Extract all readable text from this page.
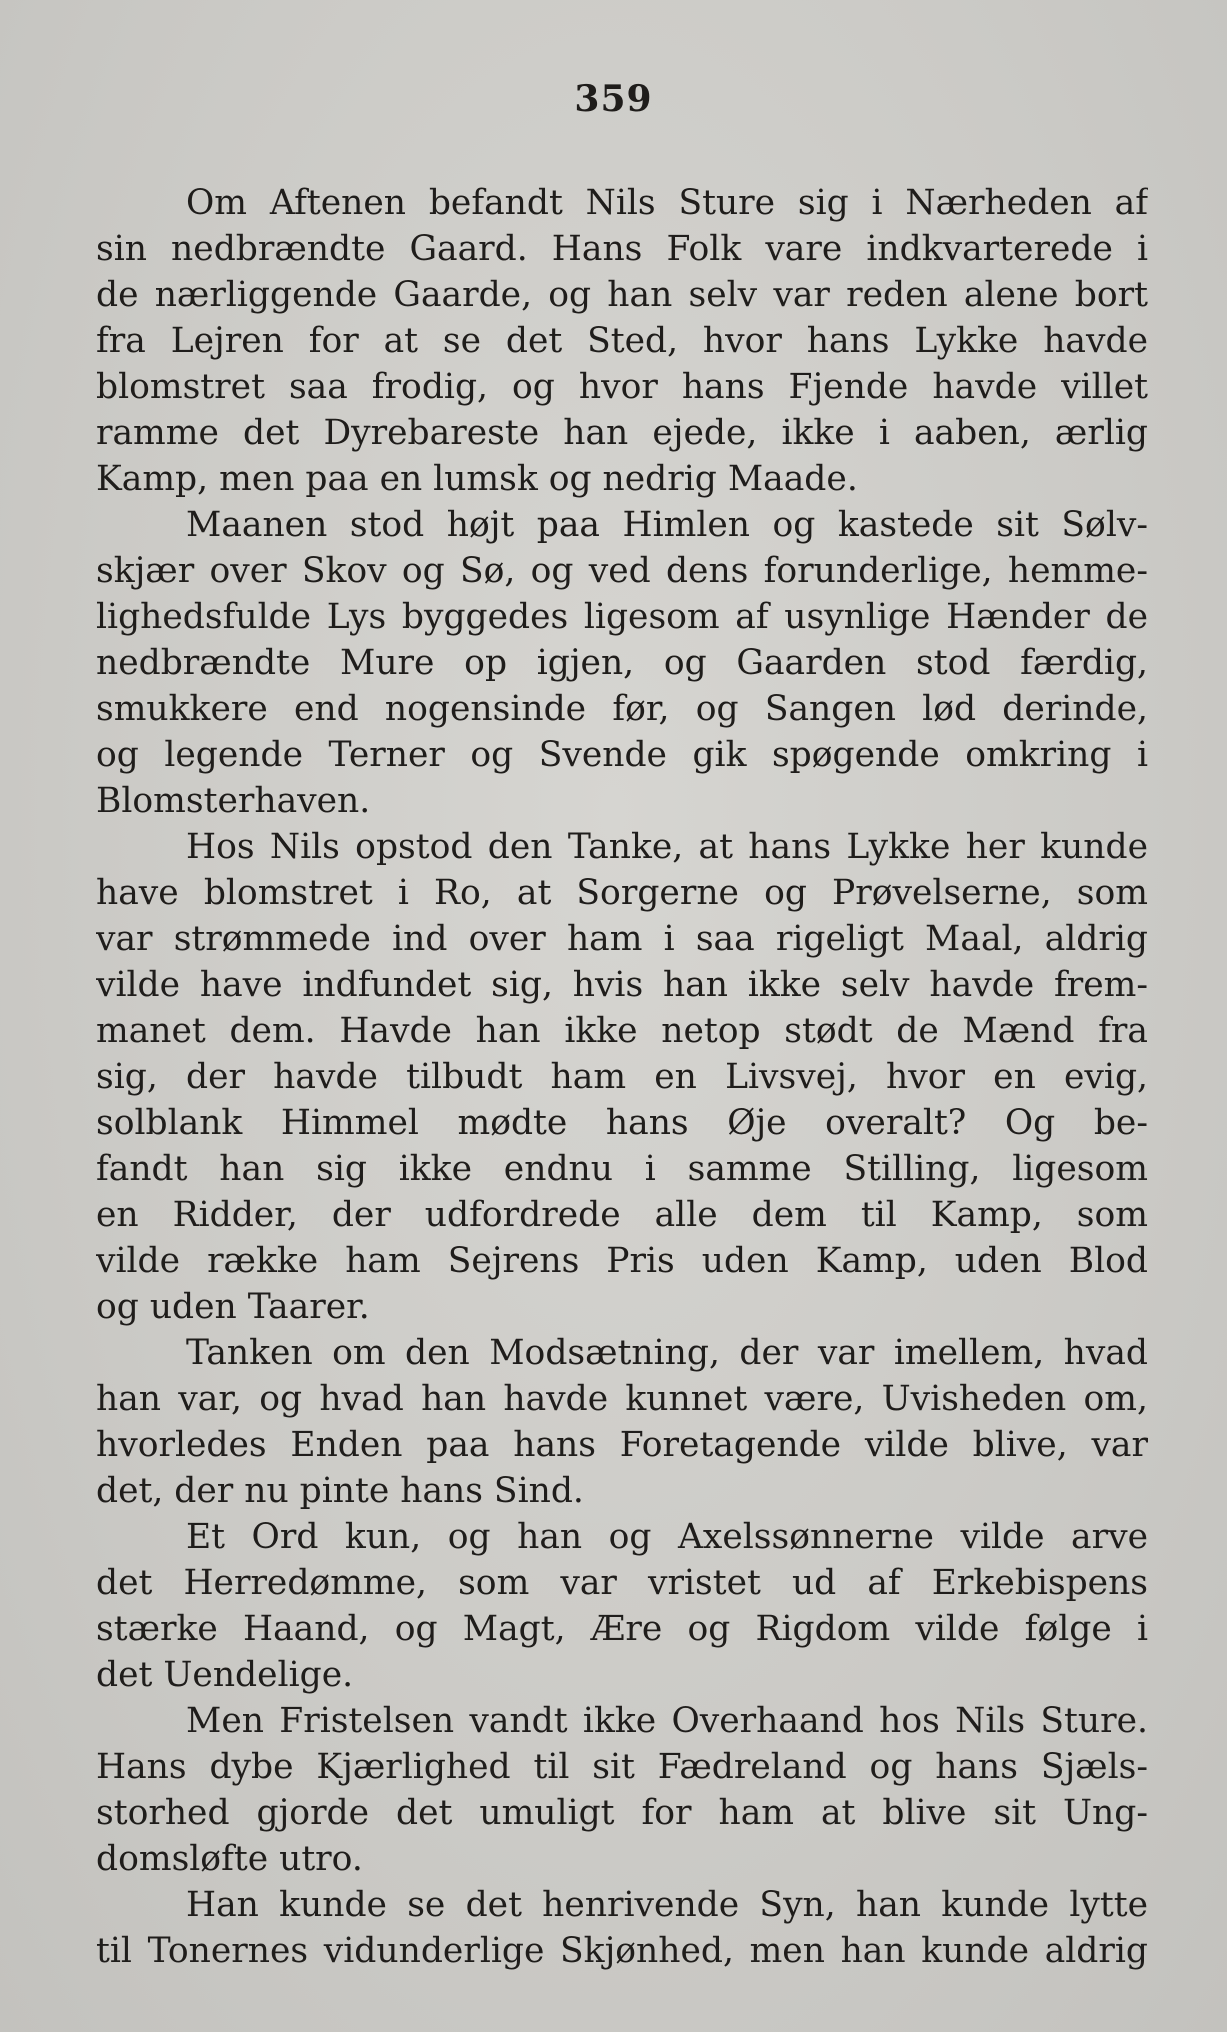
359
Om Aftenen befandt Nils Sture sig i Nærheden af
sin nedbrændte Gaard. Hans Folk vare indkvarterede i
de nærliggende Gaarde, og han selv var reden alene bort
fra Lejren for at se det Sted, hvor hans Lykke havde
blomstret saa frodig, og hvor hans Fjende havde villet
ramme det Dyrebareste han ejede, ikke i aaben, ærlig
Kamp, men paa en lumsk og nedrig Maade.
Maanen stod højt paa Himlen og kastede sit Sølv-
skjær over Skov og Sø, og ved dens forunderlige, hemme-
lighedsfulde Lys byggedes ligesom af usynlige Hænder de
nedbrændte Mure op igjen, og Gaarden stod færdig,
smukkere end nogensinde før, og Sangen lød derinde,
og legende Terner og Svende gik spøgende omkring i
Blomsterhaven.
Hos Nils opstod den Tanke, at hans Lykke her kunde
have blomstret i Ro, at Sorgerne og Prøvelserne, som
var strømmede ind over ham i saa rigeligt Maal, aldrig
vilde have indfundet sig, hvis han ikke selv havde frem-
manet dem. Havde han ikke netop stødt de Mænd fra
sig, der havde tilbudt ham en Livsvej, hvor en evig,
solblank Himmel mødte hans Øje overalt? Og be-
fandt han sig ikke endnu i samme Stilling, ligesom
en Ridder, der udfordrede alle dem til Kamp, som
vilde række ham Sejrens Pris uden Kamp, uden Blod
og uden Taarer.
Tanken om den Modsætning, der var imellem, hvad
han var, og hvad han havde kunnet være, Uvisheden om,
hvorledes Enden paa hans Foretagende vilde blive, var
det, der nu pinte hans Sind.
Et Ord kun, og han og Axelssønnerne vilde arve
det Herredømme, som var vristet ud af Erkebispens
stærke Haand, og Magt, Ære og Rigdom vilde følge i
det Uendelige.
Men Fristelsen vandt ikke Overhaand hos Nils Sture.
Hans dybe Kjærlighed til sit Fædreland og hans Sjæls-
storhed gjorde det umuligt for ham at blive sit Ung-
domsløfte utro.
Han kunde se det henrivende Syn, han kunde lytte
til Tonernes vidunderlige Skjønhed, men han kunde aldrig
